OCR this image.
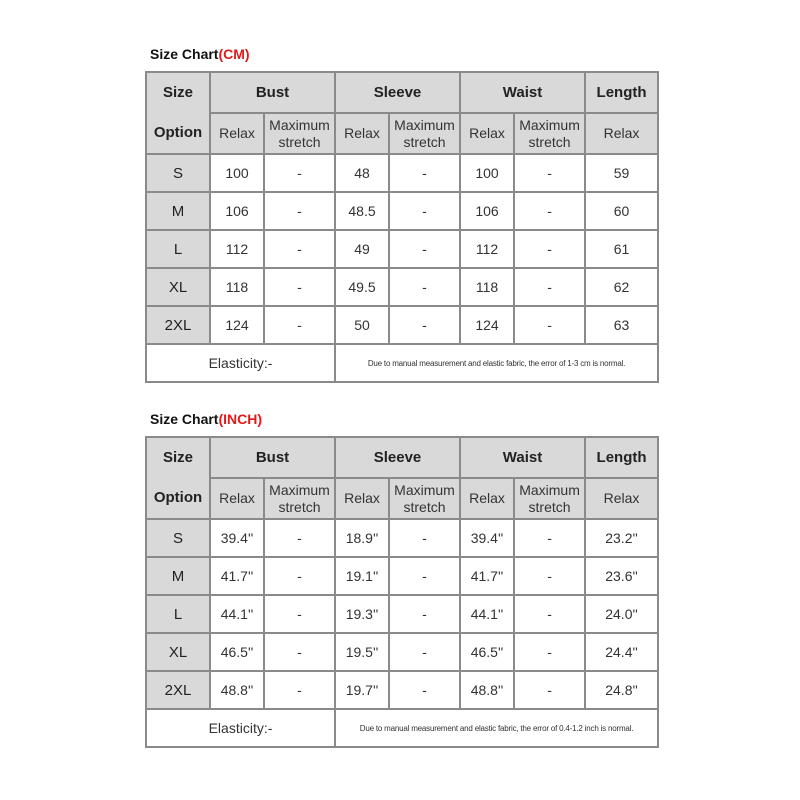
Size Chart(CM)
Size
Option	Bust		Sleeve		Waist		Length
	Relax	Maximum stretch	Relax	Maximum stretch	Relax	Maximum stretch	Relax
S	100	-	48	-	100	-	59
M	106	-	48.5	-	106	-	60
L	112	-	49	-	112	-	61
XL	118	-	49.5	-	118	-	62
2XL	124	-	50	-	124	-	63
Elasticity:-			Due to manual measurement and elastic fabric, the error of 1-3 cm is normal.				
Size Chart(INCH)
Size
Option	Bust		Sleeve		Waist		Length
	Relax	Maximum stretch	Relax	Maximum stretch	Relax	Maximum stretch	Relax
S	39.4''	-	18.9''	-	39.4''	-	23.2''
M	41.7''	-	19.1''	-	41.7''	-	23.6''
L	44.1''	-	19.3''	-	44.1''	-	24.0''
XL	46.5''	-	19.5''	-	46.5''	-	24.4''
2XL	48.8''	-	19.7''	-	48.8''	-	24.8''
Elasticity:-			Due to manual measurement and elastic fabric, the error of 0.4-1.2 inch is normal.				
